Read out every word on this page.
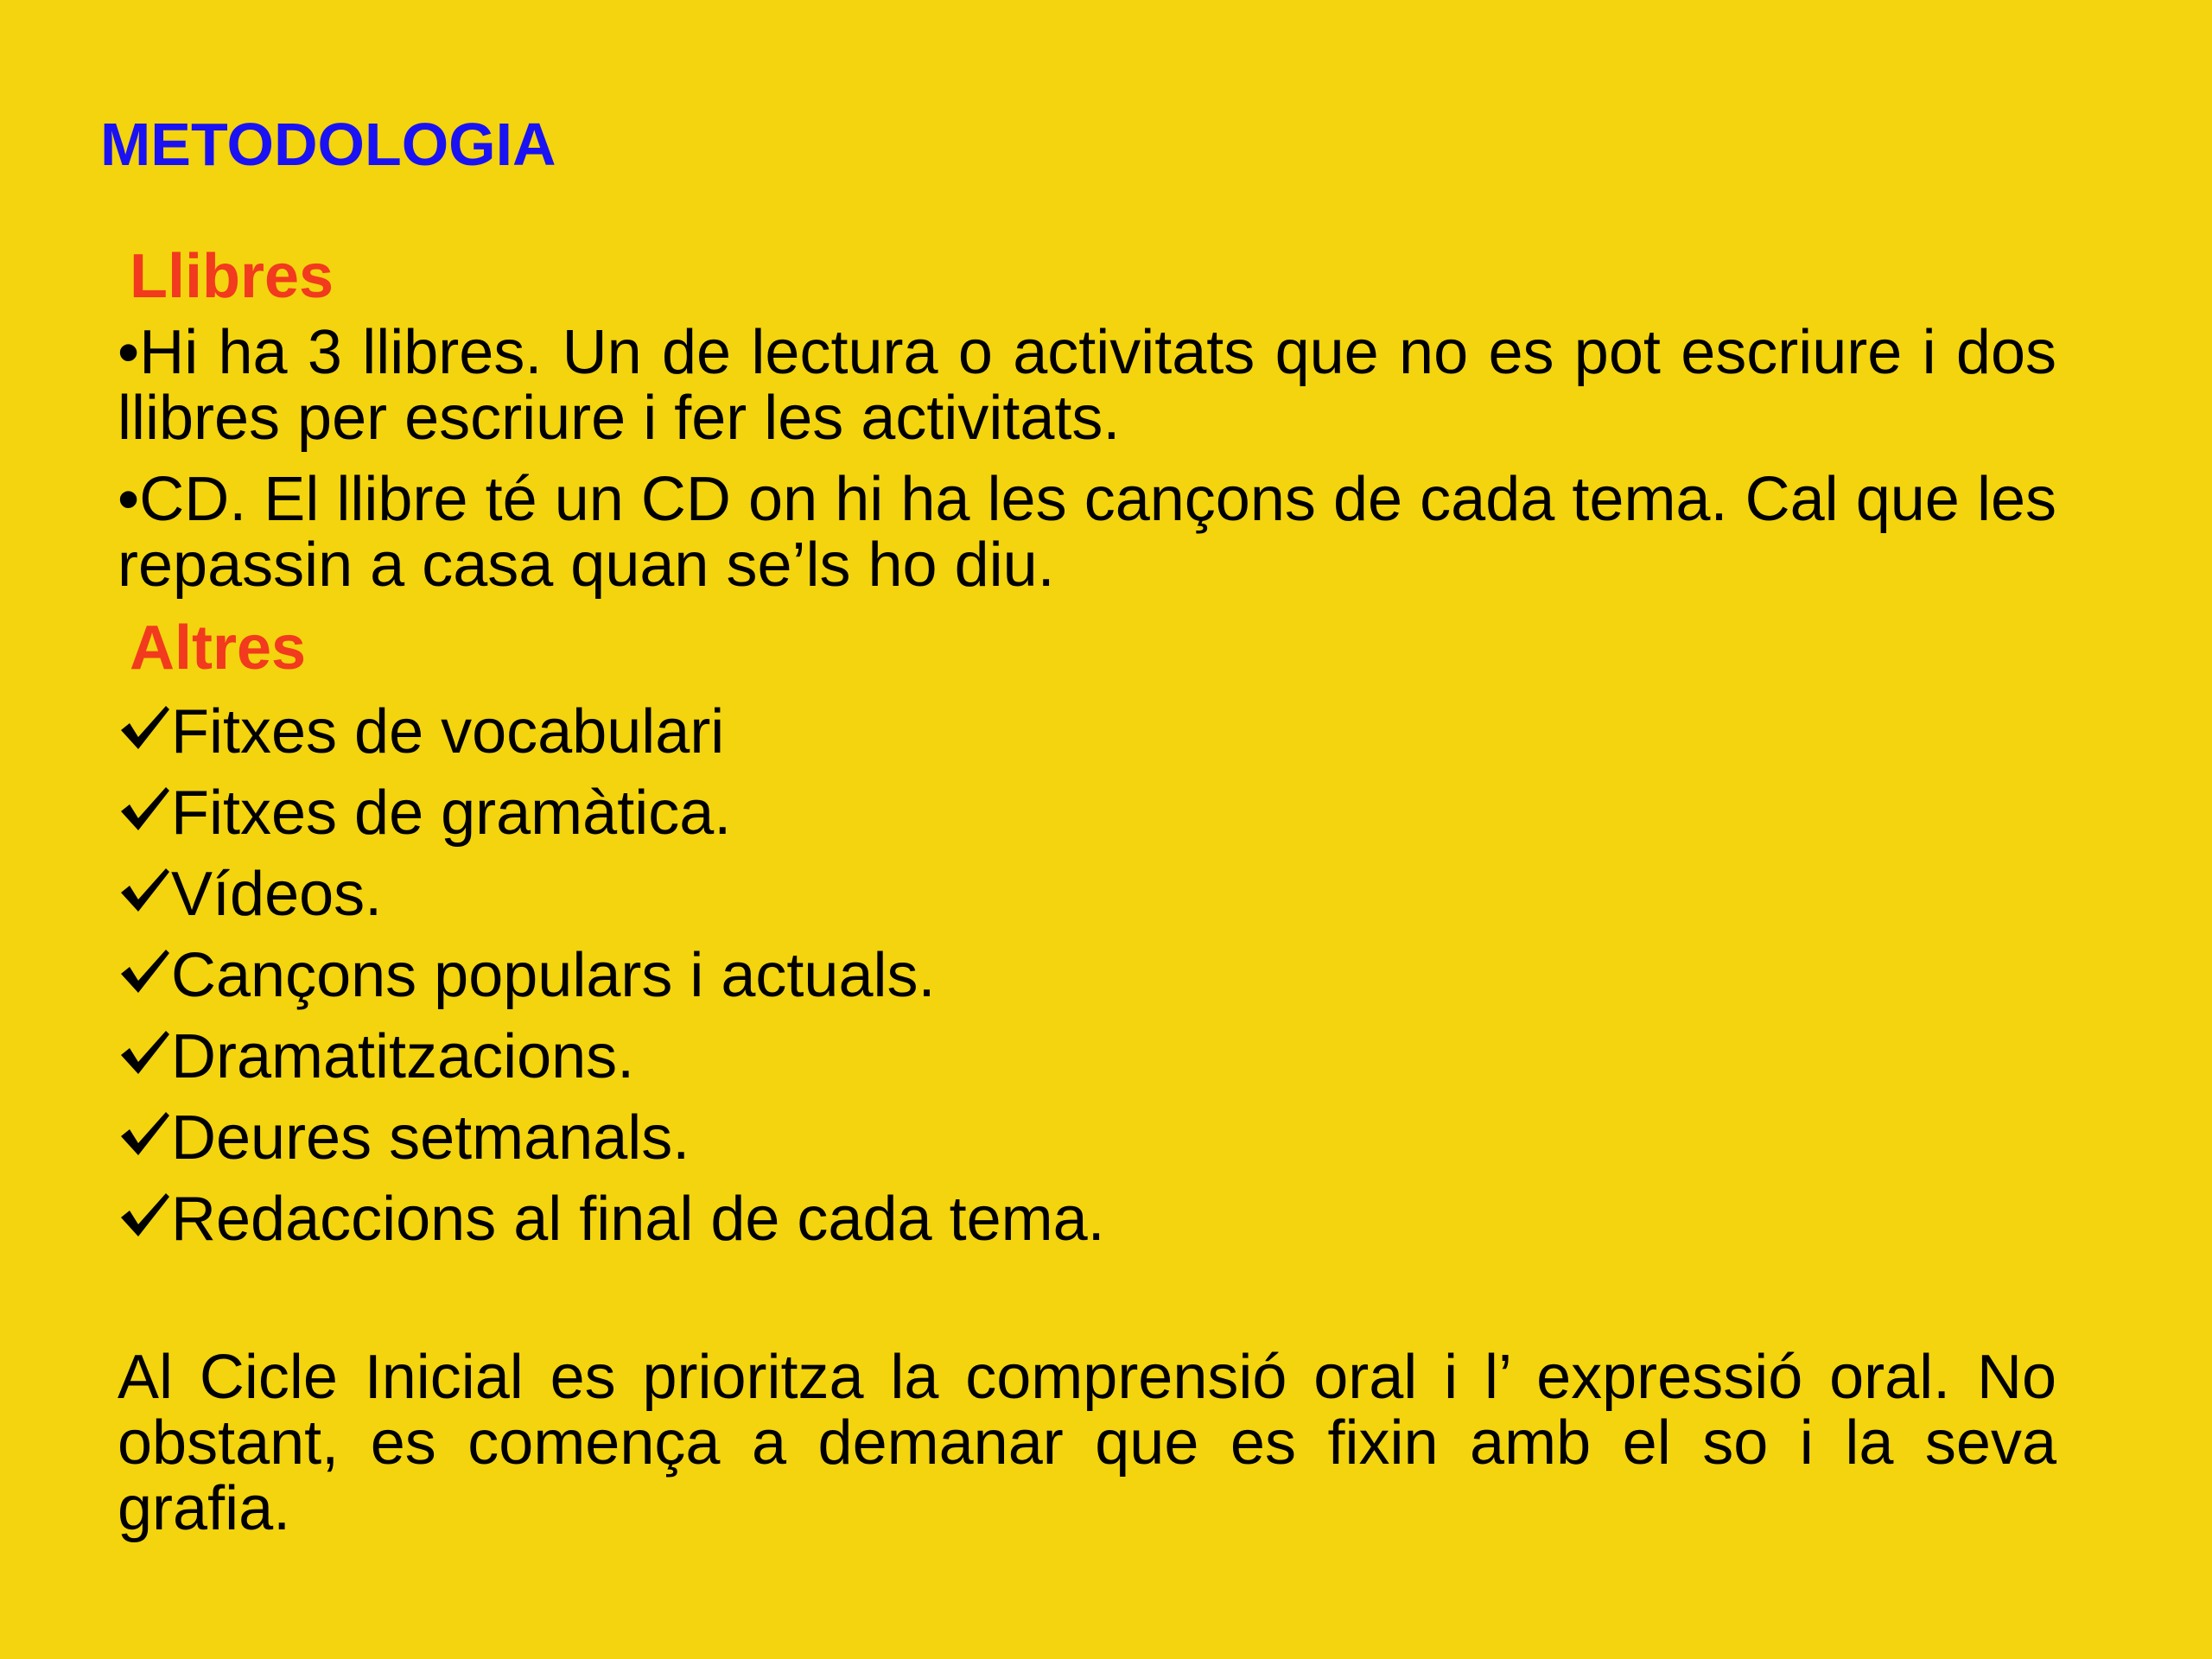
METODOLOGIA
Llibres

•Hi ha 3 llibres. Un de lectura o activitats que no es pot escriure i dos llibres per escriure i fer les activitats.

•CD. El llibre té un CD on hi ha les cançons de cada tema. Cal que les repassin a casa quan se’ls ho diu.

Altres
Fitxes de vocabulari
Fitxes de gramàtica.
Vídeos.
Cançons populars i actuals.
Dramatitzacions.
Deures setmanals.
Redaccions al final de cada tema.

Al Cicle Inicial es prioritza la comprensió oral i l’ expressió oral. No obstant, es comença a demanar que es fixin amb el so i la seva grafia.
